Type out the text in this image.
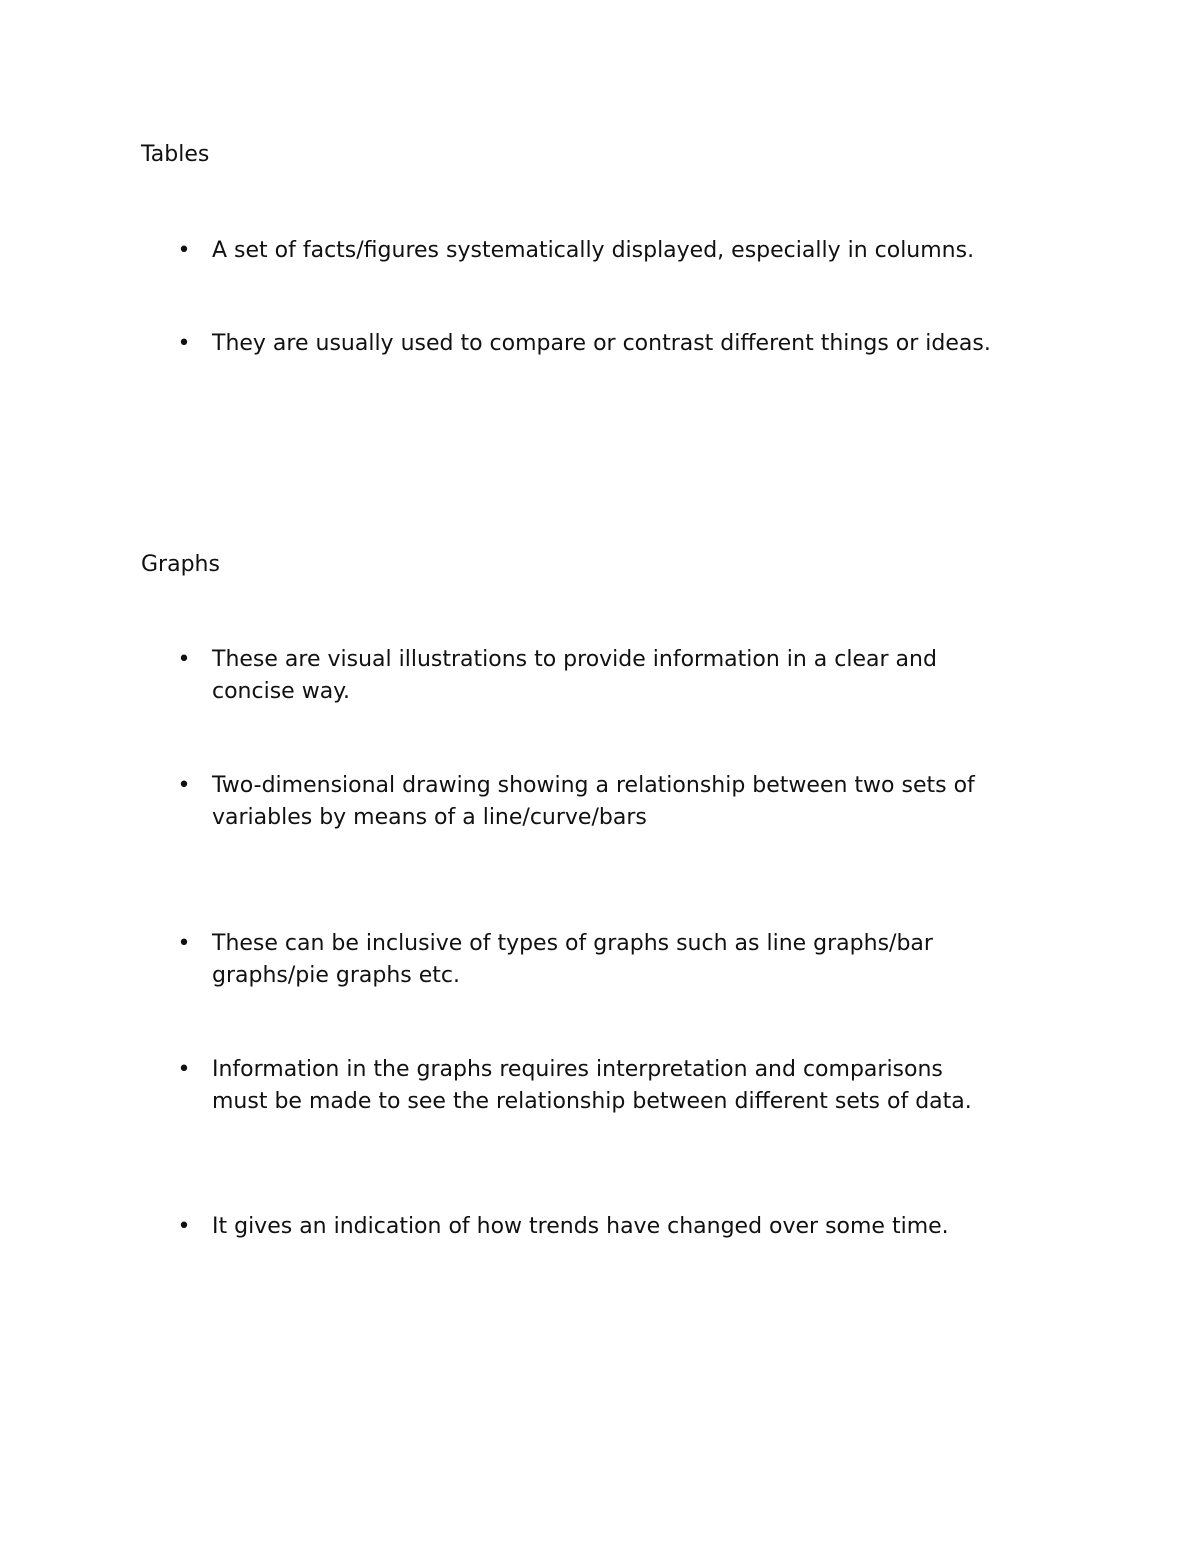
Tables
• A set of facts/figures systematically displayed, especially in columns.
• They are usually used to compare or contrast different things or ideas.
Graphs
• These are visual illustrations to provide information in a clear and
concise way.
• Two-dimensional drawing showing a relationship between two sets of
variables by means of a line/curve/bars
• These can be inclusive of types of graphs such as line graphs/bar
graphs/pie graphs etc.
• Information in the graphs requires interpretation and comparisons
must be made to see the relationship between different sets of data.
• It gives an indication of how trends have changed over some time.
